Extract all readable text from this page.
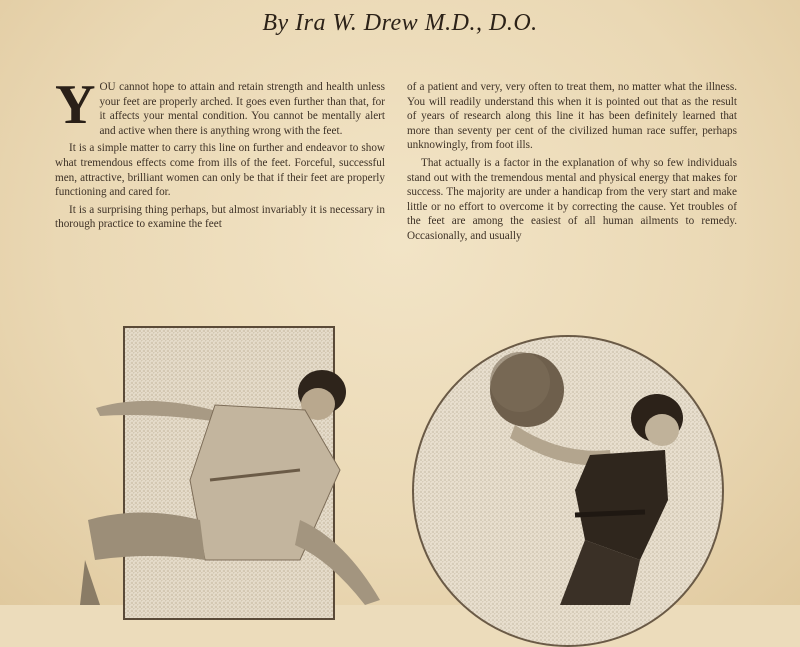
By Ira W. Drew M.D., D.O.

YOU cannot hope to attain and retain strength and health unless your feet are properly arched. It goes even further than that, for it affects your mental condition. You cannot be mentally alert and active when there is anything wrong with the feet.

It is a simple matter to carry this line on further and endeavor to show what tremendous effects come from ills of the feet. Forceful, successful men, attractive, brilliant women can only be that if their feet are properly functioning and cared for.

It is a surprising thing perhaps, but almost invariably it is necessary in thorough practice to examine the feet

of a patient and very, very often to treat them, no matter what the illness. You will readily understand this when it is pointed out that as the result of years of research along this line it has been definitely learned that more than seventy per cent of the civilized human race suffer, perhaps unknowingly, from foot ills.

That actually is a factor in the explanation of why so few individuals stand out with the tremendous mental and physical energy that makes for success. The majority are under a handicap from the very start and make little or no effort to overcome it by correcting the cause. Yet troubles of the feet are among the easiest of all human ailments to remedy. Occasionally, and usually
